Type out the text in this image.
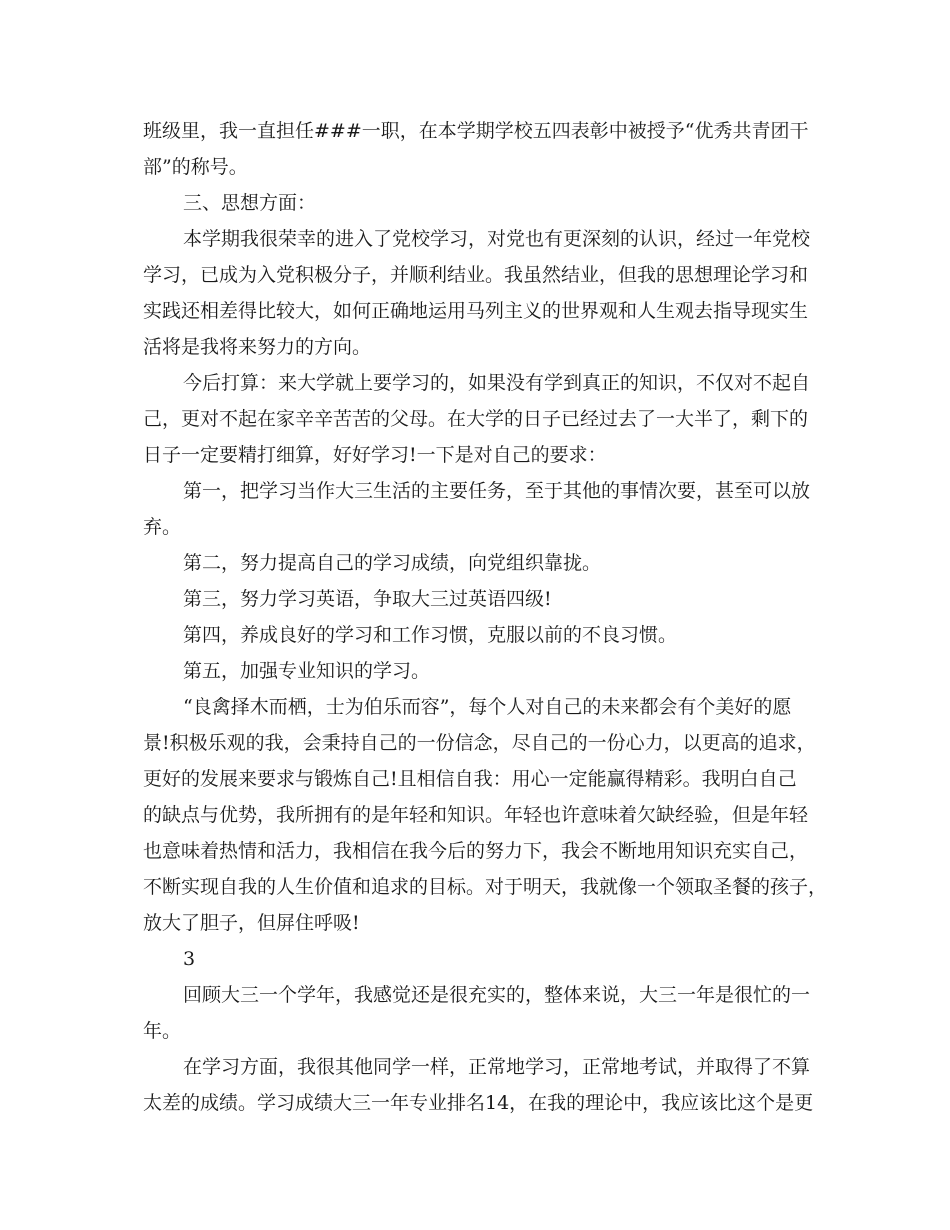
班级里，我一直担任###一职，在本学期学校五四表彰中被授予“优秀共青团干
部”的称号。
三、思想方面：
本学期我很荣幸的进入了党校学习，对党也有更深刻的认识，经过一年党校
学习，已成为入党积极分子，并顺利结业。我虽然结业，但我的思想理论学习和
实践还相差得比较大，如何正确地运用马列主义的世界观和人生观去指导现实生
活将是我将来努力的方向。
今后打算：来大学就上要学习的，如果没有学到真正的知识，不仅对不起自
己，更对不起在家辛辛苦苦的父母。在大学的日子已经过去了一大半了，剩下的
日子一定要精打细算，好好学习!一下是对自己的要求：
第一，把学习当作大三生活的主要任务，至于其他的事情次要，甚至可以放
弃。
第二，努力提高自己的学习成绩，向党组织靠拢。
第三，努力学习英语，争取大三过英语四级!
第四，养成良好的学习和工作习惯，克服以前的不良习惯。
第五，加强专业知识的学习。
“良禽择木而栖，士为伯乐而容”，每个人对自己的未来都会有个美好的愿
景!积极乐观的我，会秉持自己的一份信念，尽自己的一份心力，以更高的追求，
更好的发展来要求与锻炼自己!且相信自我：用心一定能赢得精彩。我明白自己
的缺点与优势，我所拥有的是年轻和知识。年轻也许意味着欠缺经验，但是年轻
也意味着热情和活力，我相信在我今后的努力下，我会不断地用知识充实自己，
不断实现自我的人生价值和追求的目标。对于明天，我就像一个领取圣餐的孩子，
放大了胆子，但屏住呼吸!
3
回顾大三一个学年，我感觉还是很充实的，整体来说，大三一年是很忙的一
年。
在学习方面，我很其他同学一样，正常地学习，正常地考试，并取得了不算
太差的成绩。学习成绩大三一年专业排名14，在我的理论中，我应该比这个是更
